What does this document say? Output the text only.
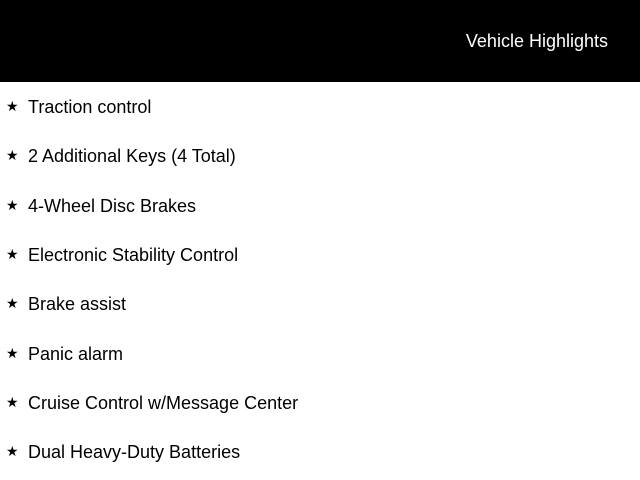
Vehicle Highlights
★ Traction control
★ 2 Additional Keys (4 Total)
★ 4-Wheel Disc Brakes
★ Electronic Stability Control
★ Brake assist
★ Panic alarm
★ Cruise Control w/Message Center
★ Dual Heavy-Duty Batteries
